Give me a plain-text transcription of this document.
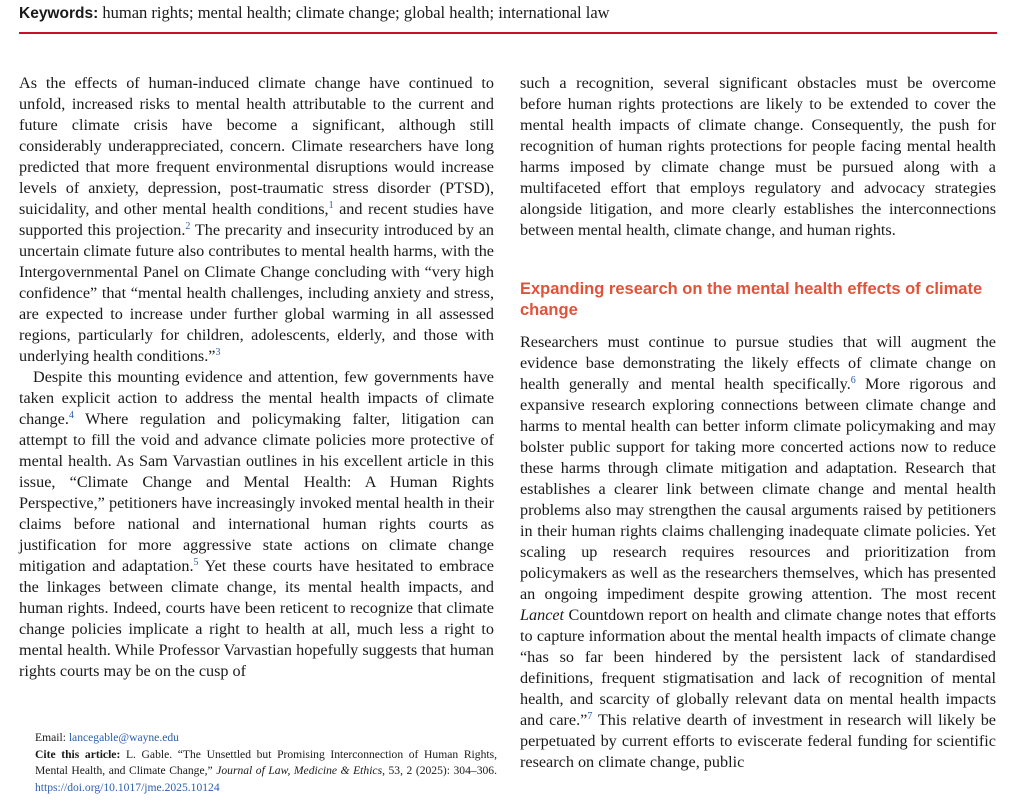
Keywords: human rights; mental health; climate change; global health; international law

As the effects of human-induced climate change have continued to unfold, increased risks to mental health attributable to the current and future climate crisis have become a significant, although still considerably underappreciated, concern. Climate researchers have long predicted that more frequent environmental disruptions would increase levels of anxiety, depression, post-traumatic stress disorder (PTSD), suicidality, and other mental health conditions,$^1$ and recent studies have supported this projection.$^2$ The precarity and insecurity introduced by an uncertain climate future also contributes to mental health harms, with the Intergovernmental Panel on Climate Change concluding with “very high confidence” that “mental health challenges, including anxiety and stress, are expected to increase under further global warming in all assessed regions, particularly for children, adolescents, elderly, and those with underlying health conditions.”$^3$

Despite this mounting evidence and attention, few governments have taken explicit action to address the mental health impacts of climate change.$^4$ Where regulation and policymaking falter, litigation can attempt to fill the void and advance climate policies more protective of mental health. As Sam Varvastian outlines in his excellent article in this issue, “Climate Change and Mental Health: A Human Rights Perspective,” petitioners have increasingly invoked mental health in their claims before national and international human rights courts as justification for more aggressive state actions on climate change mitigation and adaptation.$^5$ Yet these courts have hesitated to embrace the linkages between climate change, its mental health impacts, and human rights. Indeed, courts have been reticent to recognize that climate change policies implicate a right to health at all, much less a right to mental health. While Professor Varvastian hopefully suggests that human rights courts may be on the cusp of

such a recognition, several significant obstacles must be overcome before human rights protections are likely to be extended to cover the mental health impacts of climate change. Consequently, the push for recognition of human rights protections for people facing mental health harms imposed by climate change must be pursued along with a multifaceted effort that employs regulatory and advocacy strategies alongside litigation, and more clearly establishes the interconnections between mental health, climate change, and human rights.

Expanding research on the mental health effects of climate change

Researchers must continue to pursue studies that will augment the evidence base demonstrating the likely effects of climate change on health generally and mental health specifically.$^6$ More rigorous and expansive research exploring connections between climate change and harms to mental health can better inform climate policymaking and may bolster public support for taking more concerted actions now to reduce these harms through climate mitigation and adaptation. Research that establishes a clearer link between climate change and mental health problems also may strengthen the causal arguments raised by petitioners in their human rights claims challenging inadequate climate policies. Yet scaling up research requires resources and prioritization from policymakers as well as the researchers themselves, which has presented an ongoing impediment despite growing attention. The most recent Lancet Countdown report on health and climate change notes that efforts to capture information about the mental health impacts of climate change “has so far been hindered by the persistent lack of standardised definitions, frequent stigmatisation and lack of recognition of mental health, and scarcity of globally relevant data on mental health impacts and care.”$^7$ This relative dearth of investment in research will likely be perpetuated by current efforts to eviscerate federal funding for scientific research on climate change, public

Email: lancegable@wayne.edu

Cite this article: L. Gable. “The Unsettled but Promising Interconnection of Human Rights, Mental Health, and Climate Change,” Journal of Law, Medicine & Ethics, 53, 2 (2025): 304–306. https://doi.org/10.1017/jme.2025.10124
